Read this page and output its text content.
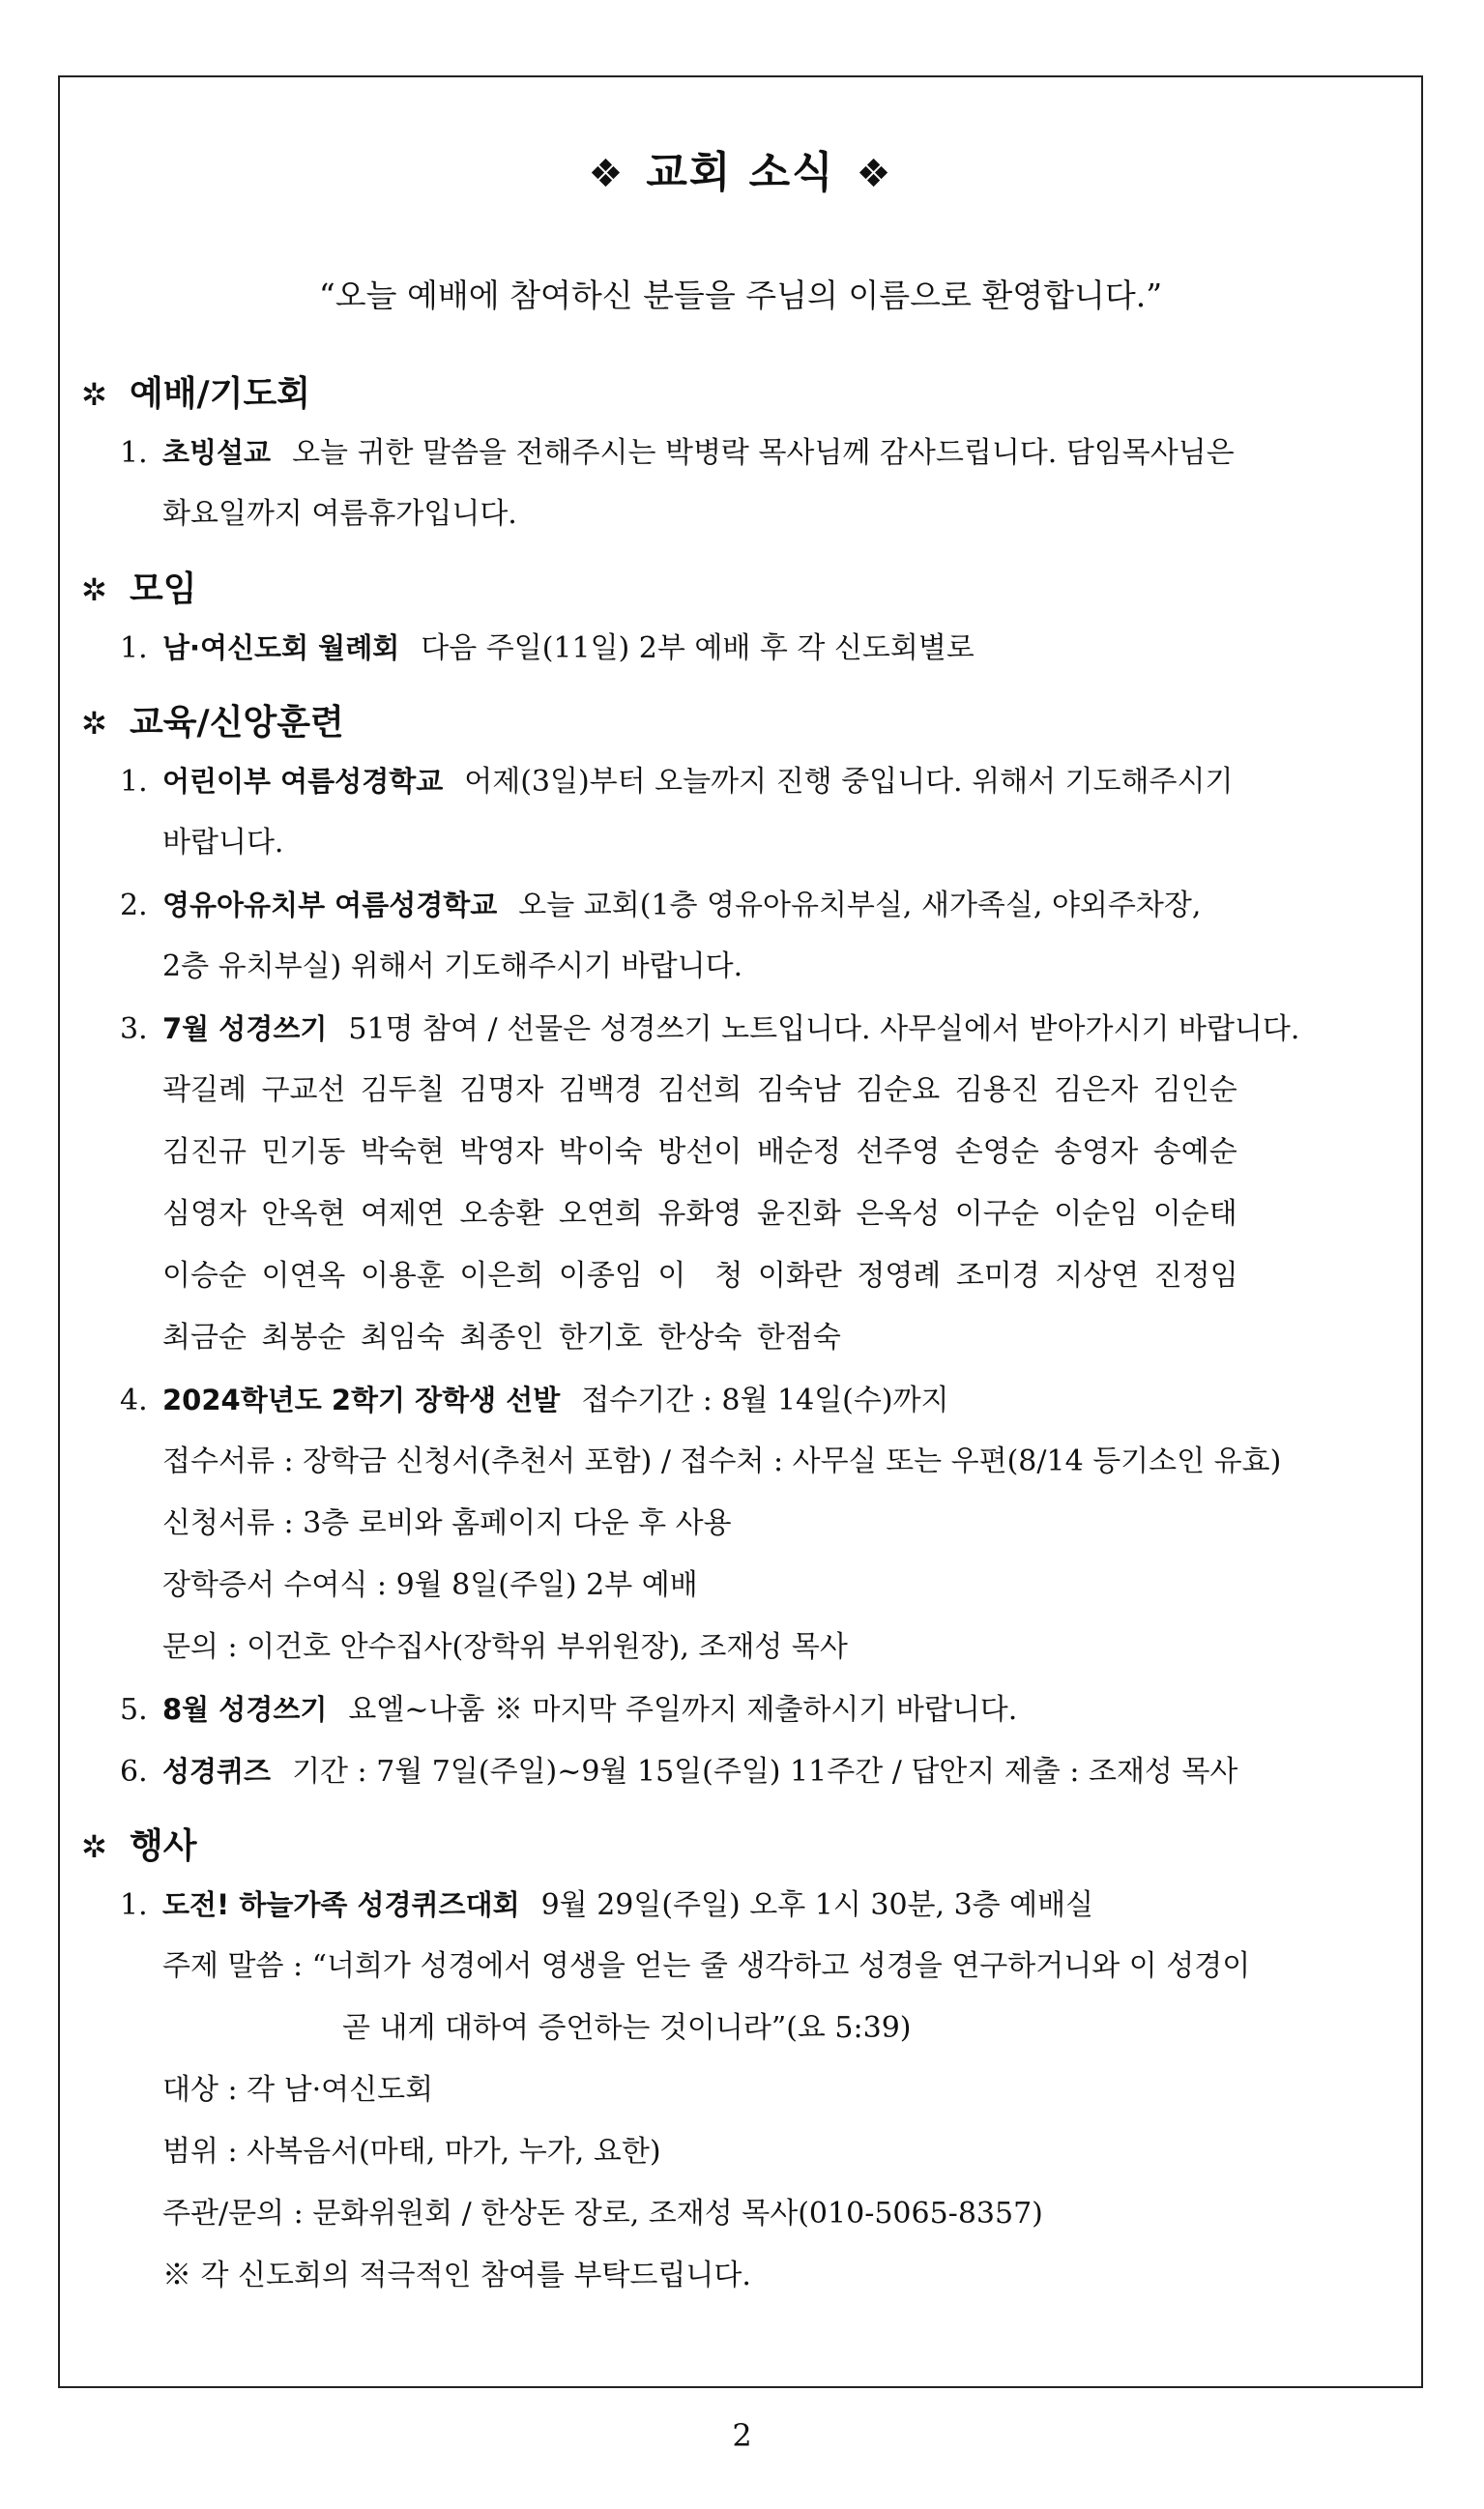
❖ 교회 소식 ❖
“오늘 예배에 참여하신 분들을 주님의 이름으로 환영합니다.”
✲ 예배/기도회
1. 초빙설교 오늘 귀한 말씀을 전해주시는 박병락 목사님께 감사드립니다. 담임목사님은
화요일까지 여름휴가입니다.
✲ 모임
1. 남·여신도회 월례회 다음 주일(11일) 2부 예배 후 각 신도회별로
✲ 교육/신앙훈련
1. 어린이부 여름성경학교 어제(3일)부터 오늘까지 진행 중입니다. 위해서 기도해주시기
바랍니다.
2. 영유아유치부 여름성경학교 오늘 교회(1층 영유아유치부실, 새가족실, 야외주차장,
2층 유치부실) 위해서 기도해주시기 바랍니다.
3. 7월 성경쓰기 51명 참여 / 선물은 성경쓰기 노트입니다. 사무실에서 받아가시기 바랍니다.
곽길례 구교선 김두칠 김명자 김백경 김선희 김숙남 김순요 김용진 김은자 김인순
김진규 민기동 박숙현 박영자 박이숙 방선이 배순정 선주영 손영순 송영자 송예순
심영자 안옥현 여제연 오송환 오연희 유화영 윤진화 은옥성 이구순 이순임 이순태
이승순 이연옥 이용훈 이은희 이종임 이　청 이화란 정영례 조미경 지상연 진정임
최금순 최봉순 최임숙 최종인 한기호 한상숙 한점숙
4. 2024학년도 2학기 장학생 선발 접수기간 : 8월 14일(수)까지
접수서류 : 장학금 신청서(추천서 포함) / 접수처 : 사무실 또는 우편(8/14 등기소인 유효)
신청서류 : 3층 로비와 홈페이지 다운 후 사용
장학증서 수여식 : 9월 8일(주일) 2부 예배
문의 : 이건호 안수집사(장학위 부위원장), 조재성 목사
5. 8월 성경쓰기 요엘~나훔 ※ 마지막 주일까지 제출하시기 바랍니다.
6. 성경퀴즈 기간 : 7월 7일(주일)~9월 15일(주일) 11주간 / 답안지 제출 : 조재성 목사
✲ 행사
1. 도전! 하늘가족 성경퀴즈대회 9월 29일(주일) 오후 1시 30분, 3층 예배실
주제 말씀 : “너희가 성경에서 영생을 얻는 줄 생각하고 성경을 연구하거니와 이 성경이
곧 내게 대하여 증언하는 것이니라”(요 5:39)
대상 : 각 남·여신도회
범위 : 사복음서(마태, 마가, 누가, 요한)
주관/문의 : 문화위원회 / 한상돈 장로, 조재성 목사(010-5065-8357)
※ 각 신도회의 적극적인 참여를 부탁드립니다.
2
